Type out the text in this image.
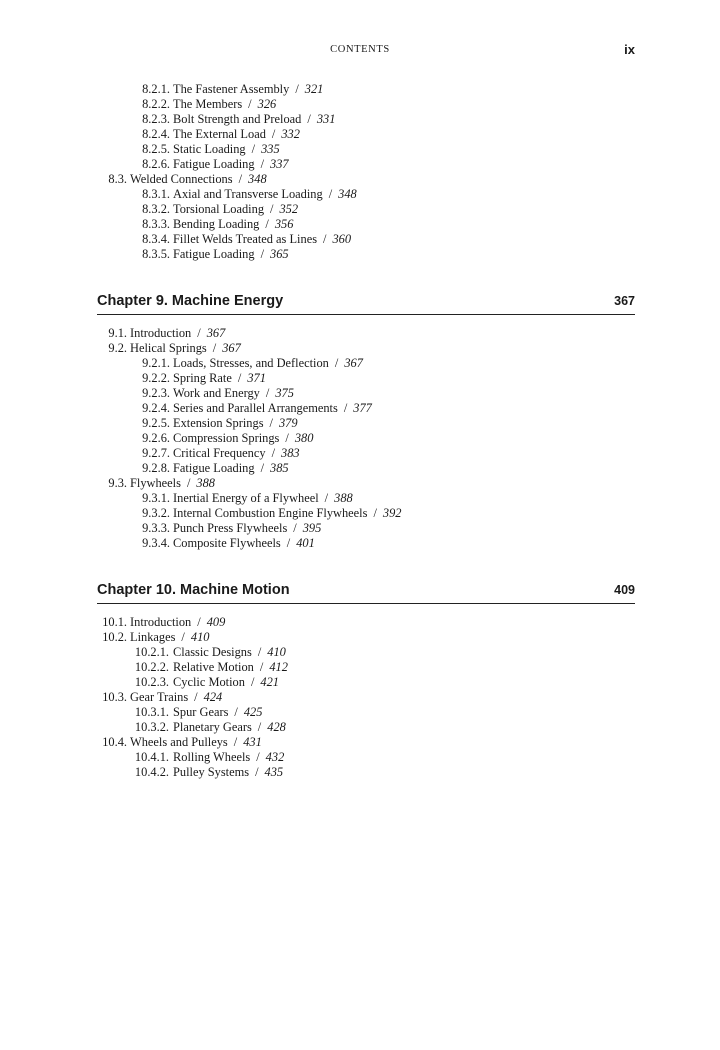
CONTENTS	ix
8.2.1. The Fastener Assembly / 321
8.2.2. The Members / 326
8.2.3. Bolt Strength and Preload / 331
8.2.4. The External Load / 332
8.2.5. Static Loading / 335
8.2.6. Fatigue Loading / 337
8.3. Welded Connections / 348
8.3.1. Axial and Transverse Loading / 348
8.3.2. Torsional Loading / 352
8.3.3. Bending Loading / 356
8.3.4. Fillet Welds Treated as Lines / 360
8.3.5. Fatigue Loading / 365
Chapter 9. Machine Energy	367
9.1. Introduction / 367
9.2. Helical Springs / 367
9.2.1. Loads, Stresses, and Deflection / 367
9.2.2. Spring Rate / 371
9.2.3. Work and Energy / 375
9.2.4. Series and Parallel Arrangements / 377
9.2.5. Extension Springs / 379
9.2.6. Compression Springs / 380
9.2.7. Critical Frequency / 383
9.2.8. Fatigue Loading / 385
9.3. Flywheels / 388
9.3.1. Inertial Energy of a Flywheel / 388
9.3.2. Internal Combustion Engine Flywheels / 392
9.3.3. Punch Press Flywheels / 395
9.3.4. Composite Flywheels / 401
Chapter 10. Machine Motion	409
10.1. Introduction / 409
10.2. Linkages / 410
10.2.1. Classic Designs / 410
10.2.2. Relative Motion / 412
10.2.3. Cyclic Motion / 421
10.3. Gear Trains / 424
10.3.1. Spur Gears / 425
10.3.2. Planetary Gears / 428
10.4. Wheels and Pulleys / 431
10.4.1. Rolling Wheels / 432
10.4.2. Pulley Systems / 435
